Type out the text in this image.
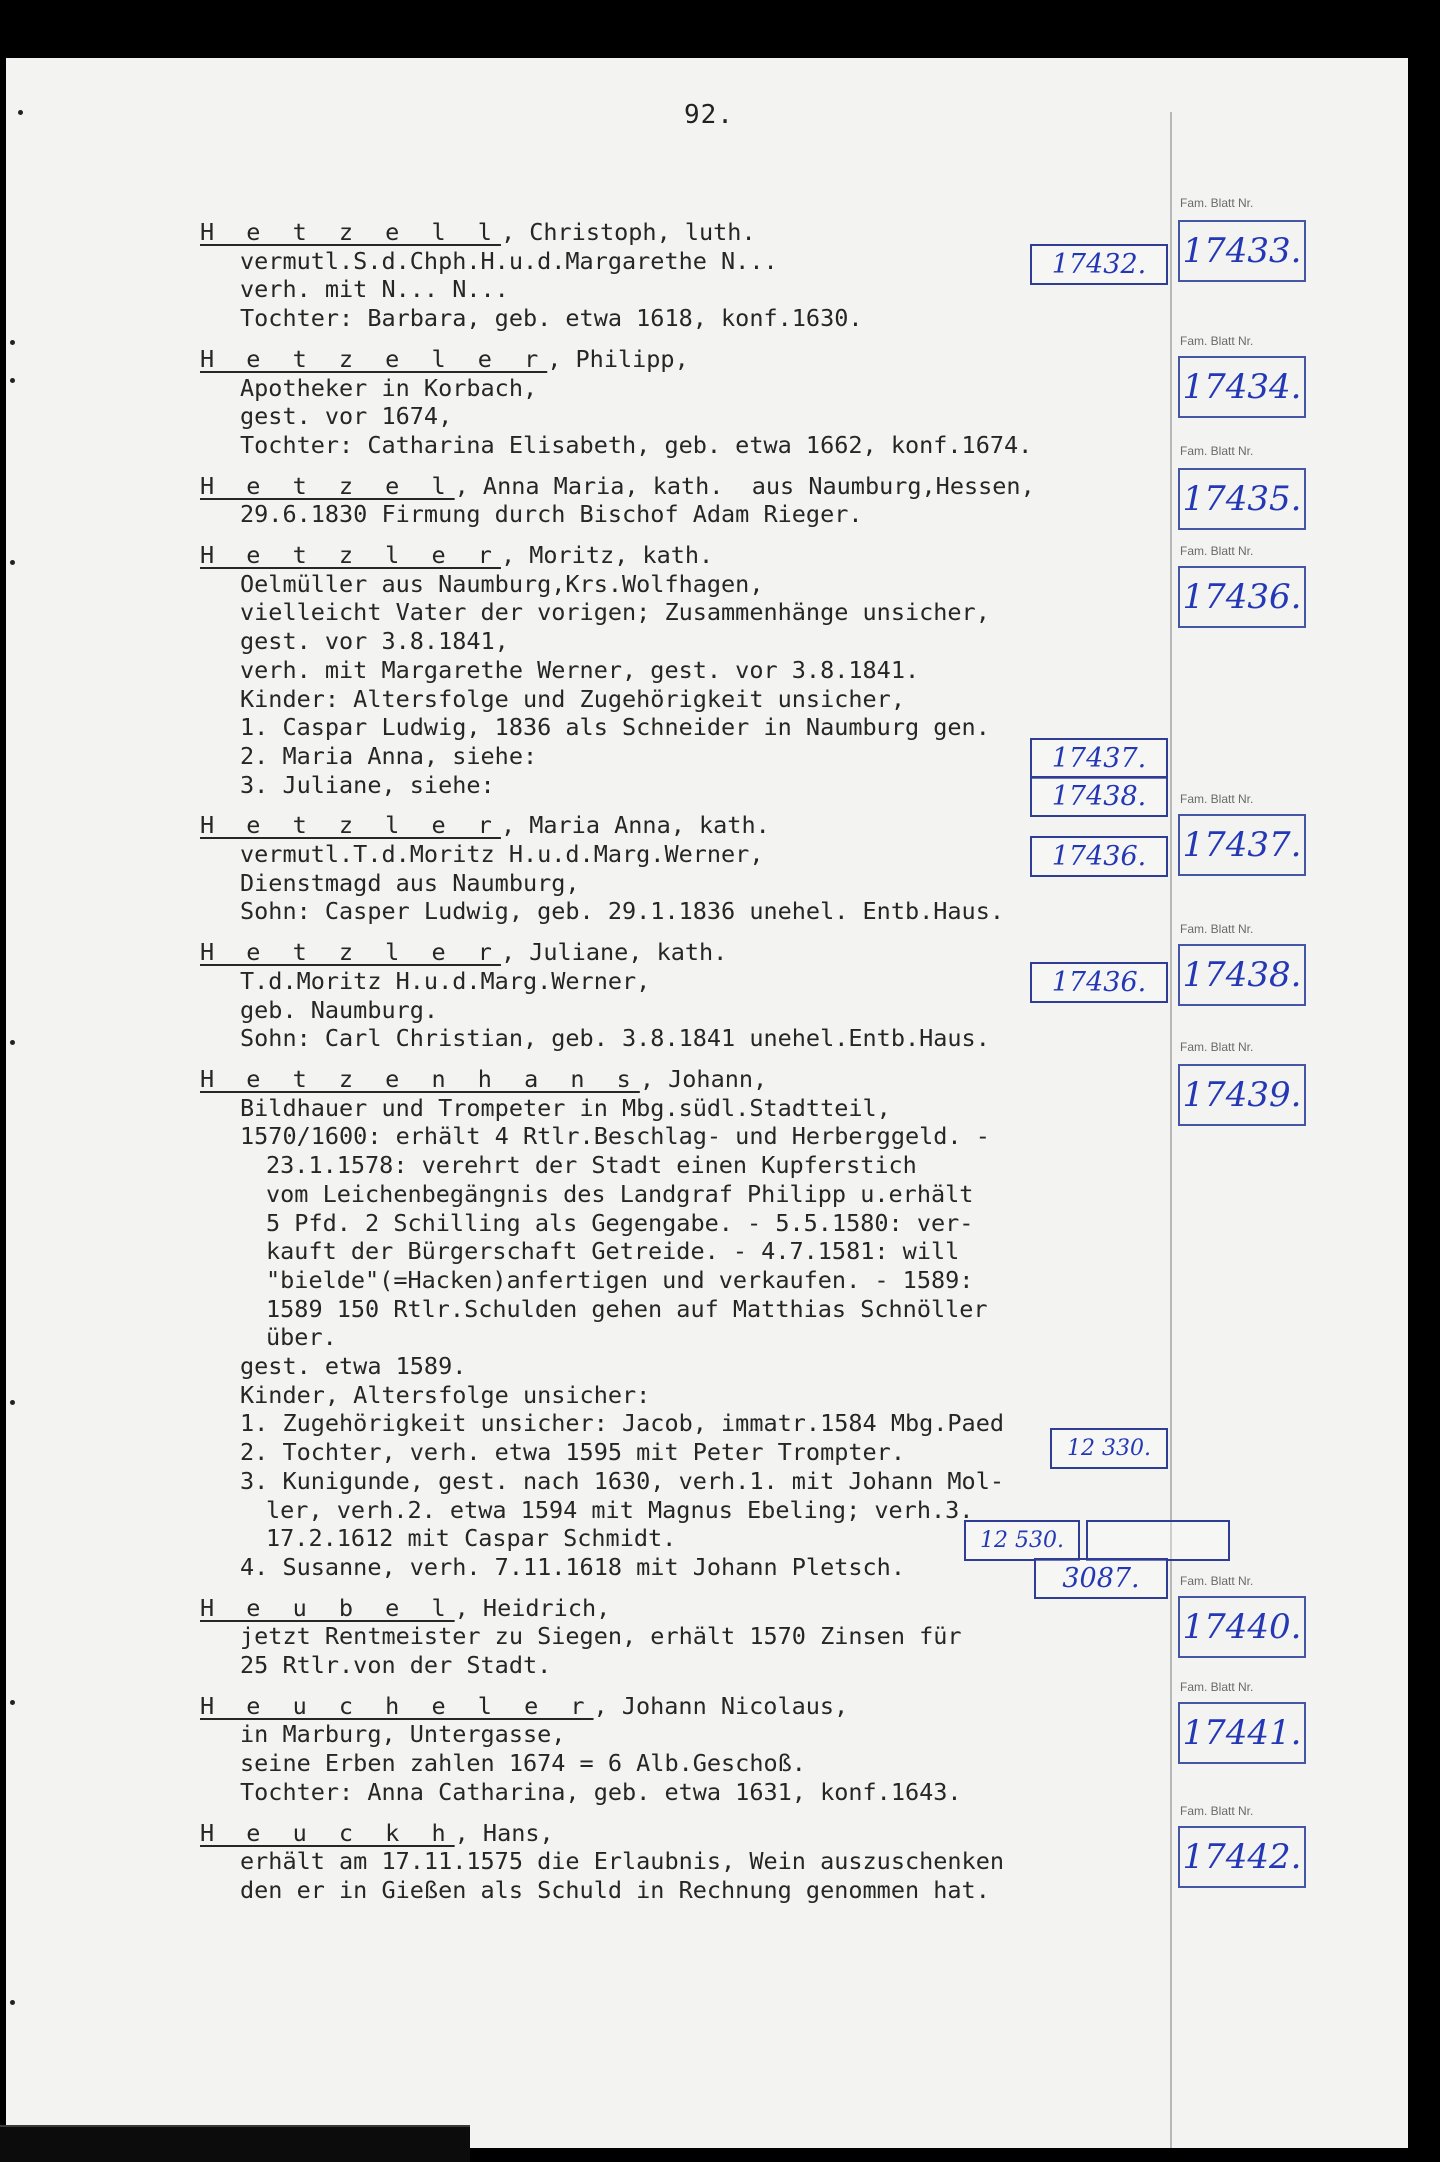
92.
H e t z e l l, Christoph, luth.
vermutl.S.d.Chph.H.u.d.Margarethe N...
verh. mit N... N...
Tochter: Barbara, geb. etwa 1618, konf.1630.
H e t z e l e r, Philipp,
Apotheker in Korbach,
gest. vor 1674,
Tochter: Catharina Elisabeth, geb. etwa 1662, konf.1674.
H e t z e l, Anna Maria, kath.  aus Naumburg,Hessen,
29.6.1830 Firmung durch Bischof Adam Rieger.
H e t z l e r, Moritz, kath.
Oelmüller aus Naumburg,Krs.Wolfhagen,
vielleicht Vater der vorigen; Zusammenhänge unsicher,
gest. vor 3.8.1841,
verh. mit Margarethe Werner, gest. vor 3.8.1841.
Kinder: Altersfolge und Zugehörigkeit unsicher,
1. Caspar Ludwig, 1836 als Schneider in Naumburg gen.
2. Maria Anna, siehe:
3. Juliane, siehe:
H e t z l e r, Maria Anna, kath.
vermutl.T.d.Moritz H.u.d.Marg.Werner,
Dienstmagd aus Naumburg,
Sohn: Casper Ludwig, geb. 29.1.1836 unehel. Entb.Haus.
H e t z l e r, Juliane, kath.
T.d.Moritz H.u.d.Marg.Werner,
geb. Naumburg.
Sohn: Carl Christian, geb. 3.8.1841 unehel.Entb.Haus.
H e t z e n h a n s, Johann,
Bildhauer und Trompeter in Mbg.südl.Stadtteil,
1570/1600: erhält 4 Rtlr.Beschlag- und Herberggeld. -
23.1.1578: verehrt der Stadt einen Kupferstich
vom Leichenbegängnis des Landgraf Philipp u.erhält
5 Pfd. 2 Schilling als Gegengabe. - 5.5.1580: ver-
kauft der Bürgerschaft Getreide. - 4.7.1581: will
"bielde"(=Hacken)anfertigen und verkaufen. - 1589:
1589 150 Rtlr.Schulden gehen auf Matthias Schnöller
über.
gest. etwa 1589.
Kinder, Altersfolge unsicher:
1. Zugehörigkeit unsicher: Jacob, immatr.1584 Mbg.Paed
2. Tochter, verh. etwa 1595 mit Peter Trompter.
3. Kunigunde, gest. nach 1630, verh.1. mit Johann Mol-
ler, verh.2. etwa 1594 mit Magnus Ebeling; verh.3.
17.2.1612 mit Caspar Schmidt.
4. Susanne, verh. 7.11.1618 mit Johann Pletsch.
H e u b e l, Heidrich,
jetzt Rentmeister zu Siegen, erhält 1570 Zinsen für
25 Rtlr.von der Stadt.
H e u c h e l e r, Johann Nicolaus,
in Marburg, Untergasse,
seine Erben zahlen 1674 = 6 Alb.Geschoß.
Tochter: Anna Catharina, geb. etwa 1631, konf.1643.
H e u c k h, Hans,
erhält am 17.11.1575 die Erlaubnis, Wein auszuschenken
den er in Gießen als Schuld in Rechnung genommen hat.
17432.
17437.
17438.
17436.
17436.
12 330.
12 530.
3087.
Fam. Blatt Nr.
17433.
Fam. Blatt Nr.
17434.
Fam. Blatt Nr.
17435.
Fam. Blatt Nr.
17436.
Fam. Blatt Nr.
17437.
Fam. Blatt Nr.
17438.
Fam. Blatt Nr.
17439.
Fam. Blatt Nr.
17440.
Fam. Blatt Nr.
17441.
Fam. Blatt Nr.
17442.
